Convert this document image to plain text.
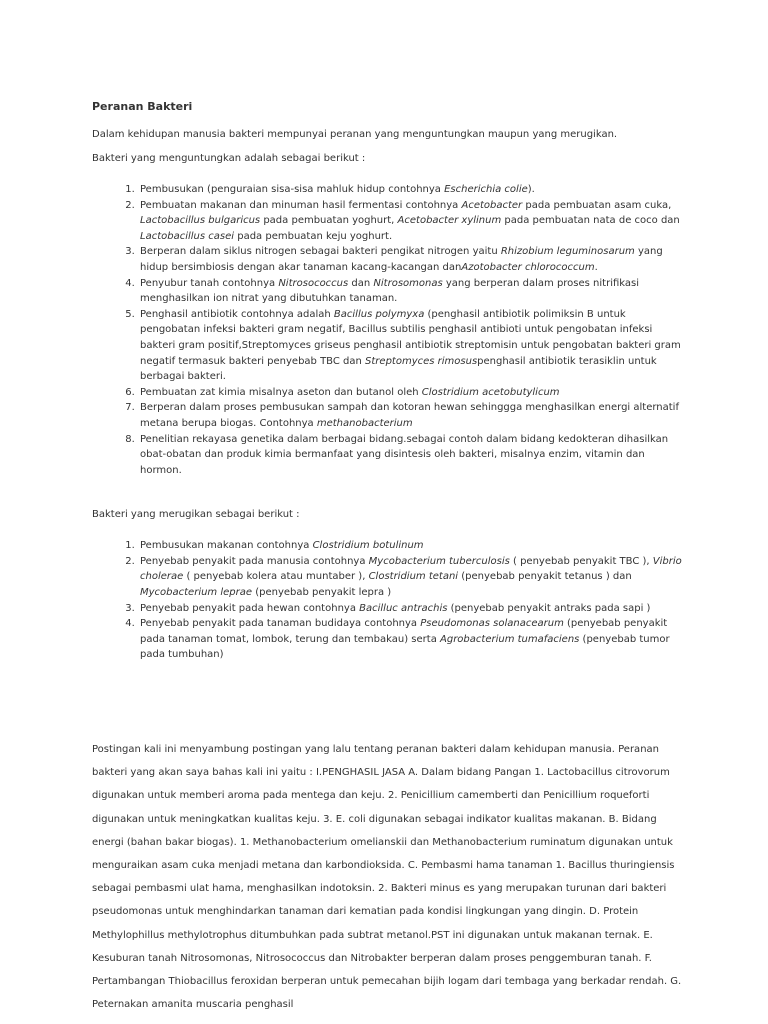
Peranan Bakteri

Dalam kehidupan manusia bakteri mempunyai peranan yang menguntungkan maupun yang merugikan.

Bakteri yang menguntungkan adalah sebagai berikut :

1. Pembusukan (penguraian sisa-sisa mahluk hidup contohnya Escherichia colie).
2. Pembuatan makanan dan minuman hasil fermentasi contohnya Acetobacter pada pembuatan asam cuka, Lactobacillus bulgaricus pada pembuatan yoghurt, Acetobacter xylinum pada pembuatan nata de coco dan Lactobacillus casei pada pembuatan keju yoghurt.
3. Berperan dalam siklus nitrogen sebagai bakteri pengikat nitrogen yaitu Rhizobium leguminosarum yang hidup bersimbiosis dengan akar tanaman kacang-kacangan danAzotobacter chlorococcum.
4. Penyubur tanah contohnya Nitrosococcus dan Nitrosomonas yang berperan dalam proses nitrifikasi menghasilkan ion nitrat yang dibutuhkan tanaman.
5. Penghasil antibiotik contohnya adalah Bacillus polymyxa (penghasil antibiotik polimiksin B untuk pengobatan infeksi bakteri gram negatif, Bacillus subtilis penghasil antibioti untuk pengobatan infeksi bakteri gram positif,Streptomyces griseus penghasil antibiotik streptomisin untuk pengobatan bakteri gram negatif termasuk bakteri penyebab TBC dan Streptomyces rimosuspenghasil antibiotik terasiklin untuk berbagai bakteri.
6. Pembuatan zat kimia misalnya aseton dan butanol oleh Clostridium acetobutylicum
7. Berperan dalam proses pembusukan sampah dan kotoran hewan sehinggga menghasilkan energi alternatif metana berupa biogas. Contohnya methanobacterium
8. Penelitian rekayasa genetika dalam berbagai bidang.sebagai contoh dalam bidang kedokteran dihasilkan obat-obatan dan produk kimia bermanfaat yang disintesis oleh bakteri, misalnya enzim, vitamin dan hormon.

Bakteri yang merugikan sebagai berikut :

1. Pembusukan makanan contohnya Clostridium botulinum
2. Penyebab penyakit pada manusia contohnya Mycobacterium tuberculosis ( penyebab penyakit TBC ), Vibrio cholerae ( penyebab kolera atau muntaber ), Clostridium tetani (penyebab penyakit tetanus ) dan Mycobacterium leprae (penyebab penyakit lepra )
3. Penyebab penyakit pada hewan contohnya Bacilluc antrachis (penyebab penyakit antraks pada sapi )
4. Penyebab penyakit pada tanaman budidaya contohnya Pseudomonas solanacearum (penyebab penyakit pada tanaman tomat, lombok, terung dan tembakau) serta Agrobacterium tumafaciens (penyebab tumor pada tumbuhan)

Postingan kali ini menyambung postingan yang lalu tentang peranan bakteri dalam kehidupan manusia. Peranan bakteri yang akan saya bahas kali ini yaitu : I.PENGHASIL JASA A. Dalam bidang Pangan 1. Lactobacillus citrovorum digunakan untuk memberi aroma pada mentega dan keju. 2. Penicillium camemberti dan Penicillium roqueforti digunakan untuk meningkatkan kualitas keju. 3. E. coli digunakan sebagai indikator kualitas makanan. B. Bidang energi (bahan bakar biogas). 1. Methanobacterium omelianskii dan Methanobacterium ruminatum digunakan untuk menguraikan asam cuka menjadi metana dan karbondioksida. C. Pembasmi hama tanaman 1. Bacillus thuringiensis sebagai pembasmi ulat hama, menghasilkan indotoksin. 2. Bakteri minus es yang merupakan turunan dari bakteri pseudomonas untuk menghindarkan tanaman dari kematian pada kondisi lingkungan yang dingin. D. Protein Methylophillus methylotrophus ditumbuhkan pada subtrat metanol.PST ini digunakan untuk makanan ternak. E. Kesuburan tanah Nitrosomonas, Nitrosococcus dan Nitrobakter berperan dalam proses penggemburan tanah. F. Pertambangan Thiobacillus feroxidan berperan untuk pemecahan bijih logam dari tembaga yang berkadar rendah. G. Peternakan amanita muscaria penghasil
